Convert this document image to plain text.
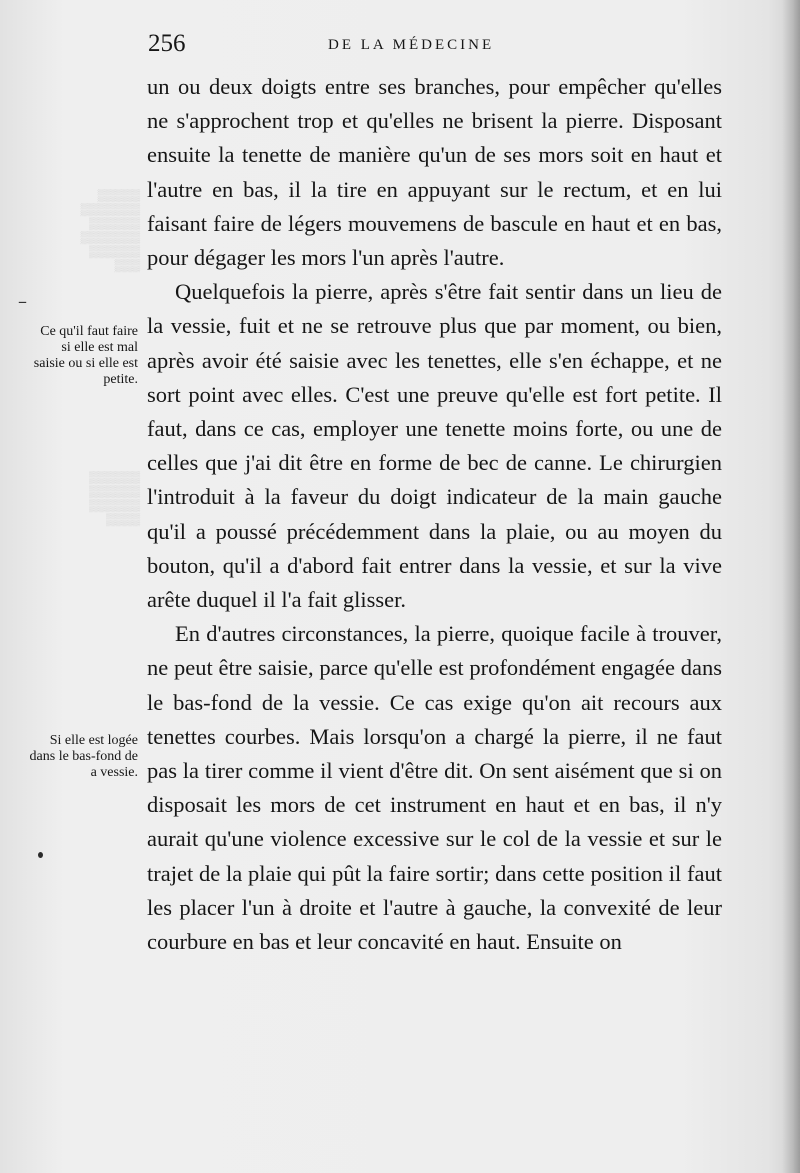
▒▒▒▒▒
▒▒▒▒▒▒▒
▒▒▒▒▒▒
▒▒▒▒▒▒▒
▒▒▒▒▒▒
▒▒▒
▒▒▒▒▒▒
▒▒▒▒▒▒
▒▒▒▒▒▒
▒▒▒▒
256	DE LA MÉDECINE
–
Ce qu'il faut faire si elle est mal saisie ou si elle est petite.
Si elle est logée dans le bas-fond de a vessie.

un ou deux doigts entre ses branches, pour empêcher qu'elles ne s'approchent trop et qu'elles ne brisent la pierre. Disposant ensuite la tenette de manière qu'un de ses mors soit en haut et l'autre en bas, il la tire en appuyant sur le rectum, et en lui faisant faire de légers mouvemens de bascule en haut et en bas, pour dégager les mors l'un après l'autre.

Quelquefois la pierre, après s'être fait sentir dans un lieu de la vessie, fuit et ne se retrouve plus que par moment, ou bien, après avoir été saisie avec les tenettes, elle s'en échappe, et ne sort point avec elles. C'est une preuve qu'elle est fort petite. Il faut, dans ce cas, employer une tenette moins forte, ou une de celles que j'ai dit être en forme de bec de canne. Le chirurgien l'introduit à la faveur du doigt indicateur de la main gauche qu'il a poussé précédemment dans la plaie, ou au moyen du bouton, qu'il a d'abord fait entrer dans la vessie, et sur la vive arête duquel il l'a fait glisser.

En d'autres circonstances, la pierre, quoique facile à trouver, ne peut être saisie, parce qu'elle est profondément engagée dans le bas-fond de la vessie. Ce cas exige qu'on ait recours aux tenettes courbes. Mais lorsqu'on a chargé la pierre, il ne faut pas la tirer comme il vient d'être dit. On sent aisément que si on disposait les mors de cet instrument en haut et en bas, il n'y aurait qu'une violence excessive sur le col de la vessie et sur le trajet de la plaie qui pût la faire sortir; dans cette position il faut les placer l'un à droite et l'autre à gauche, la convexité de leur courbure en bas et leur concavité en haut. Ensuite on
